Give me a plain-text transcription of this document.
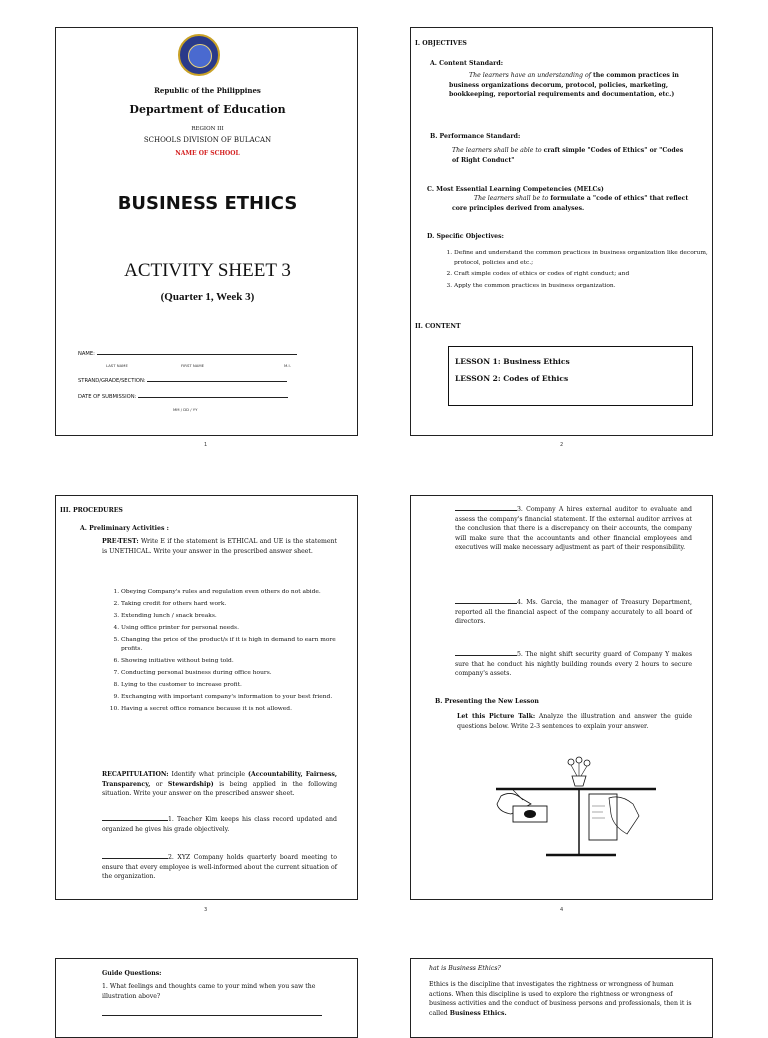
Republic of the Philippines
Department of Education
REGION III
SCHOOLS DIVISION OF BULACAN
NAME OF SCHOOL
BUSINESS ETHICS
ACTIVITY SHEET 3
(Quarter 1, Week 3)
NAME:
LAST NAME	FIRST NAME	M.I.
STRAND/GRADE/SECTION:
DATE OF SUBMISSION:
MM / DD / YY
1
I. OBJECTIVES
A. Content Standard:
The learners have an understanding of the common practices in business organizations decorum, protocol, policies, marketing, bookkeeping, reportorial requirements and documentation, etc.)
B. Performance Standard:
The learners shall be able to craft simple "Codes of Ethics" or "Codes of Right Conduct"
C. Most Essential Learning Competencies (MELCs)
The learners shall be to formulate a "code of ethics" that reflect core principles derived from analyses.
D. Specific Objectives:
1. Define and understand the common practices in business organization like decorum, protocol, policies and etc.;
2. Craft simple codes of ethics or codes of right conduct; and
3. Apply the common practices in business organization.
II. CONTENT
LESSON 1: Business Ethics
LESSON 2: Codes of Ethics
2
III. PROCEDURES
A. Preliminary Activities :
PRE-TEST: Write E if the statement is ETHICAL and UE is the statement is UNETHICAL. Write your answer in the prescribed answer sheet.
1. Obeying Company's rules and regulation even others do not abide.
2. Taking credit for others hard work.
3. Extending lunch / snack breaks.
4. Using office printer for personal needs.
5. Changing the price of the product/s if it is high in demand to earn more profits.
6. Showing initiative without being told.
7. Conducting personal business during office hours.
8. Lying to the customer to increase profit.
9. Exchanging with important company's information to your best friend.
10. Having a secret office romance because it is not allowed.
RECAPITULATION: Identify what principle (Accountability, Fairness, Transparency, or Stewardship) is being applied in the following situation. Write your answer on the prescribed answer sheet.
1. Teacher Kim keeps his class record updated and organized he gives his grade objectively.
2. XYZ Company holds quarterly board meeting to ensure that every employee is well-informed about the current situation of the organization.
3
3. Company A hires external auditor to evaluate and assess the company's financial statement. If the external auditor arrives at the conclusion that there is a discrepancy on their accounts, the company will make sure that the accountants and other financial employees and executives will make necessary adjustment as part of their responsibility.
4. Ms. Garcia, the manager of Treasury Department, reported all the financial aspect of the company accurately to all board of directors.
5. The night shift security guard of Company Y makes sure that he conduct his nightly building rounds every 2 hours to secure company's assets.
B. Presenting the New Lesson
Let this Picture Talk: Analyze the illustration and answer the guide questions below. Write 2-3 sentences to explain your answer.
4
Guide Questions:
1. What feelings and thoughts came to your mind when you saw the illustration above?
hat is Business Ethics?
Ethics is the discipline that investigates the rightness or wrongness of human actions. When this discipline is used to explore the rightness or wrongness of business activities and the conduct of business persons and professionals, then it is called Business Ethics.
